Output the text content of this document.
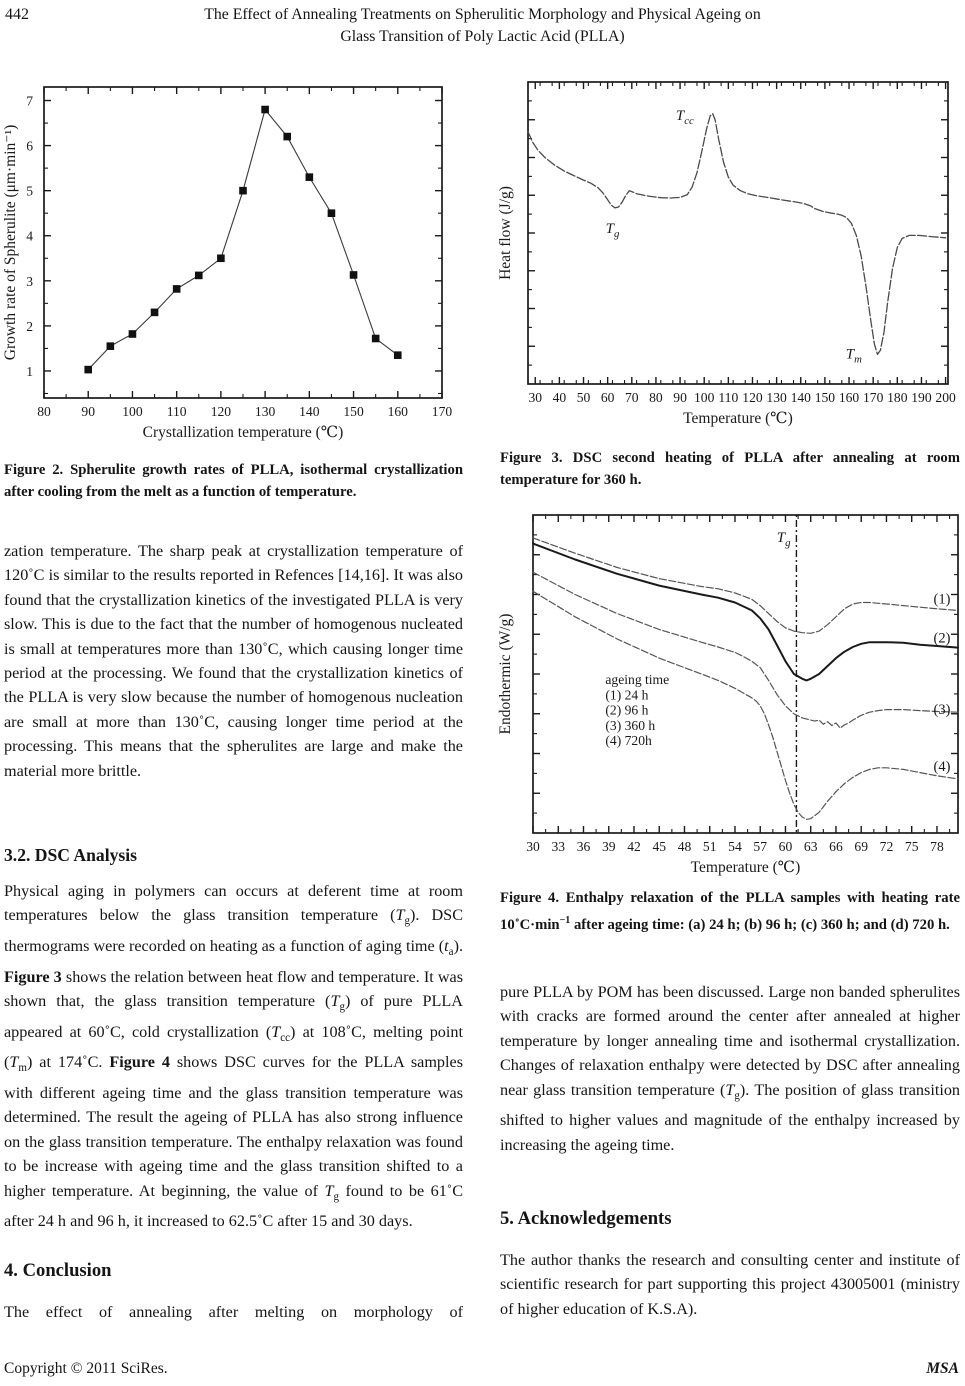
442	The Effect of Annealing Treatments on Spherulitic Morphology and Physical Ageing on
Glass Transition of Poly Lactic Acid (PLLA)
80 90 100 110 120 130 140 150 160 170
1
2
3
4
5
6
7
Crystallization temperature (℃)
Growth rate of Spherulite (μm·min⁻¹)

Figure 2. Spherulite growth rates of PLLA, isothermal crystallization after cooling from the melt as a function of temperature.

zation temperature. The sharp peak at crystallization temperature of 120˚C is similar to the results reported in Refences [14,16]. It was also found that the crystallization kinetics of the investigated PLLA is very slow. This is due to the fact that the number of homogenous nucleated is small at temperatures more than 130˚C, which causing longer time period at the processing. We found that the crystallization kinetics of the PLLA is very slow because the number of homogenous nucleation are small at more than 130˚C, causing longer time period at the processing. This means that the spherulites are large and make the material more brittle.

3.2. DSC Analysis

Physical aging in polymers can occurs at deferent time at room temperatures below the glass transition temperature $(T_g)$. DSC thermograms were recorded on heating as a function of aging time $(t_a)$. Figure 3 shows the relation between heat flow and temperature. It was shown that, the glass transition temperature $(T_g)$ of pure PLLA appeared at 60˚C, cold crystallization $(T_{cc})$ at 108˚C, melting point $(T_m)$ at 174˚C. Figure 4 shows DSC curves for the PLLA samples with different ageing time and the glass transition temperature was determined. The result the ageing of PLLA has also strong influence on the glass transition temperature. The enthalpy relaxation was found to be increase with ageing time and the glass transition shifted to a higher temperature. At beginning, the value of $T_g$ found to be 61˚C after 24 h and 96 h, it increased to 62.5˚C after 15 and 30 days.

4. Conclusion

The effect of annealing after melting on morphology of

30 40 50 60 70 80 90 100 110 120 130 140 150 160 170 180 190 200
Temperature (℃)
Heat flow (J/g)
$T_{cc}$
$T_g$
$T_m$

Figure 3. DSC second heating of PLLA after annealing at room temperature for 360 h.

30 33 36 39 42 45 48 51 54 57 60 63 66 69 72 75 78
Temperature (℃)
Endothermic (W/g)
(1)
(2)
(3)
(4)
$T_g$
ageing time
(1) 24 h
(2) 96 h
(3) 360 h
(4) 720h

Figure 4. Enthalpy relaxation of the PLLA samples with heating rate $10˚C\cdot\min^{-1}$ after ageing time: (a) 24 h; (b) 96 h; (c) 360 h; and (d) 720 h.

pure PLLA by POM has been discussed. Large non banded spherulites with cracks are formed around the center after annealed at higher temperature by longer annealing time and isothermal crystallization. Changes of relaxation enthalpy were detected by DSC after annealing near glass transition temperature $(T_g)$. The position of glass transition shifted to higher values and magnitude of the enthalpy increased by increasing the ageing time.

5. Acknowledgements

The author thanks the research and consulting center and institute of scientific research for part supporting this project 43005001 (ministry of higher education of K.S.A).

Copyright © 2011 SciRes.	MSA
